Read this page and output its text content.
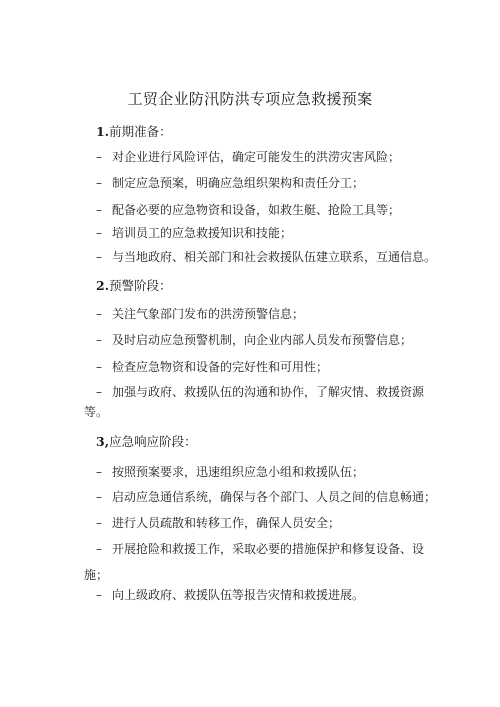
工贸企业防汛防洪专项应急救援预案
1.前期准备：
– 对企业进行风险评估，确定可能发生的洪涝灾害风险；
– 制定应急预案，明确应急组织架构和责任分工；
– 配备必要的应急物资和设备，如救生艇、抢险工具等；
– 培训员工的应急救援知识和技能；
– 与当地政府、相关部门和社会救援队伍建立联系，互通信息。
2.预警阶段：
– 关注气象部门发布的洪涝预警信息；
– 及时启动应急预警机制，向企业内部人员发布预警信息；
– 检查应急物资和设备的完好性和可用性；
– 加强与政府、救援队伍的沟通和协作，了解灾情、救援资源
等。
3,应急响应阶段：
– 按照预案要求，迅速组织应急小组和救援队伍；
– 启动应急通信系统，确保与各个部门、人员之间的信息畅通；
– 进行人员疏散和转移工作，确保人员安全；
– 开展抢险和救援工作，采取必要的措施保护和修复设备、设
施；
– 向上级政府、救援队伍等报告灾情和救援进展。
